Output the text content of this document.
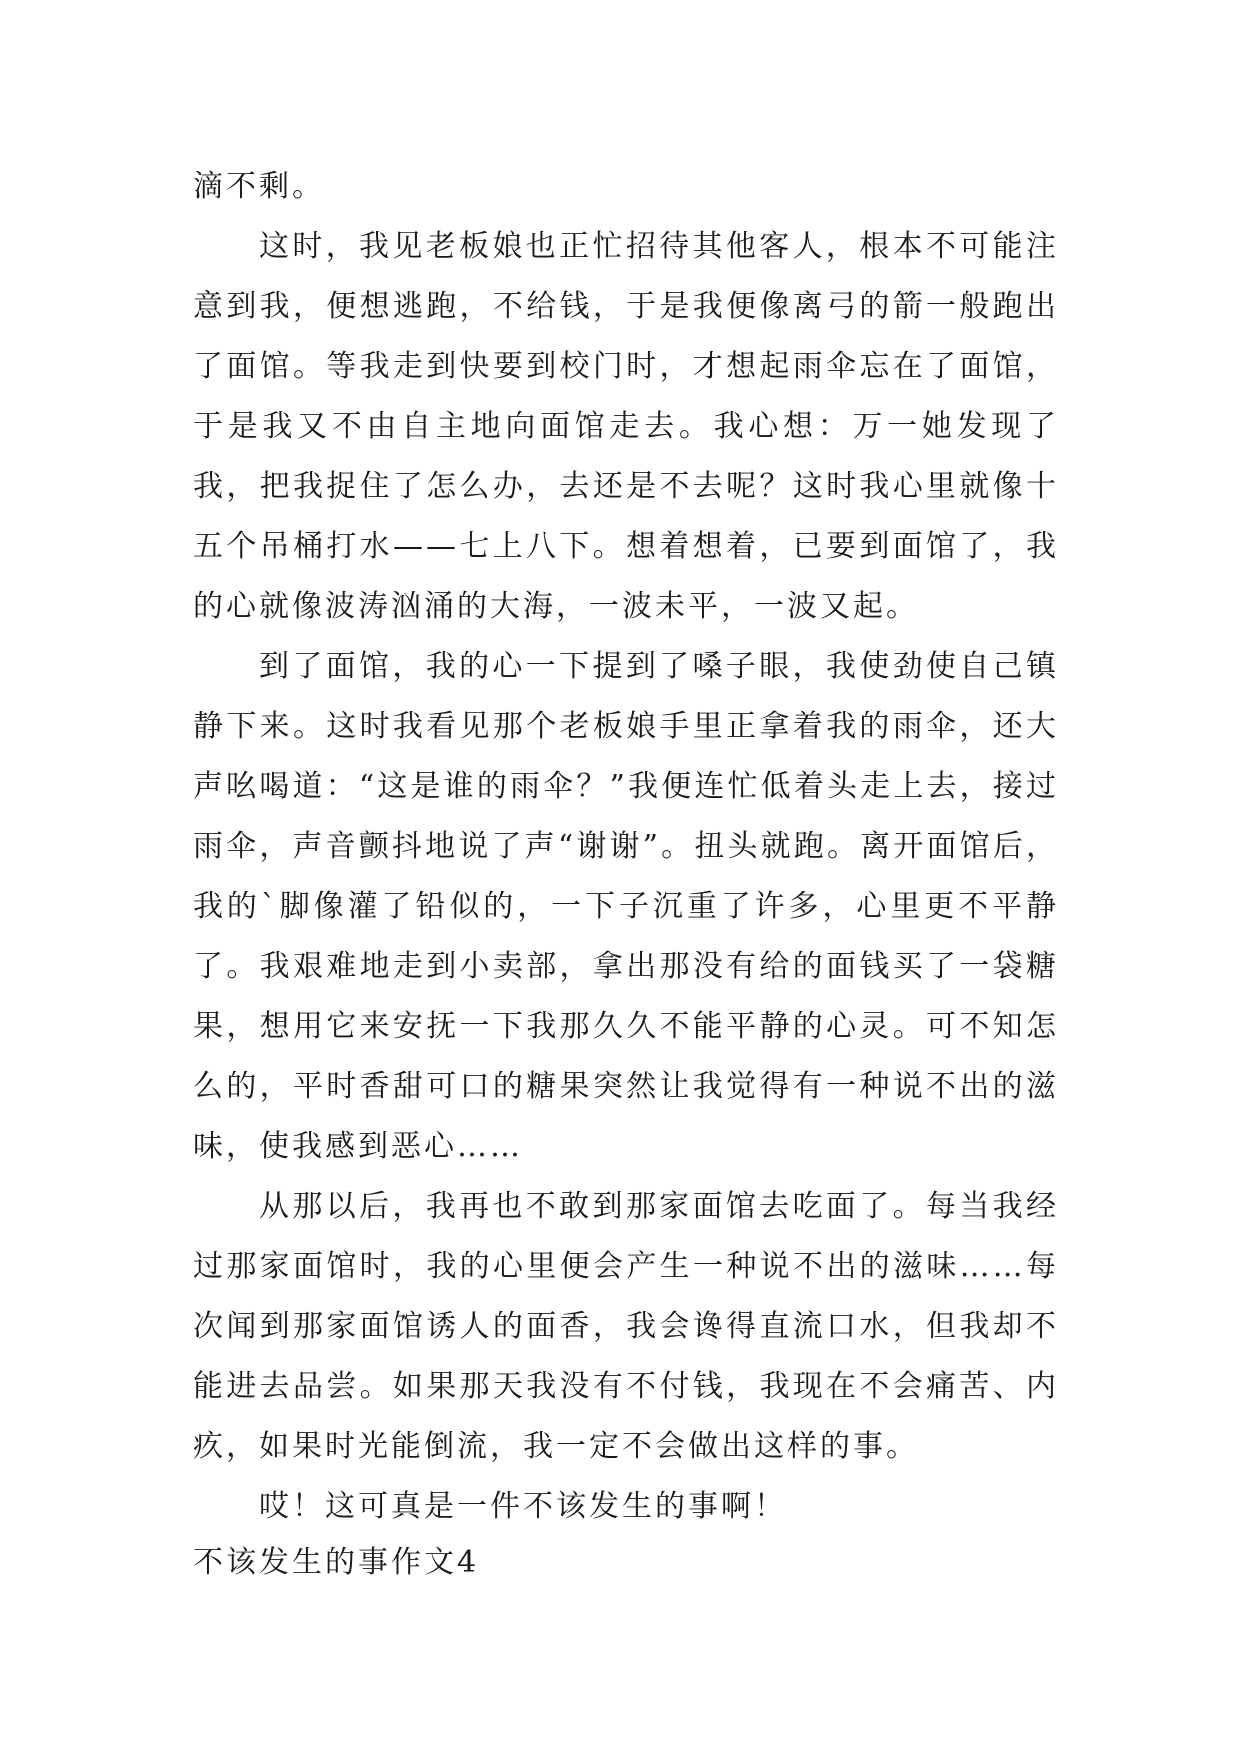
滴不剩。

这时，我见老板娘也正忙招待其他客人，根本不可能注意到我，便想逃跑，不给钱，于是我便像离弓的箭一般跑出了面馆。等我走到快要到校门时，才想起雨伞忘在了面馆，于是我又不由自主地向面馆走去。我心想：万一她发现了我，把我捉住了怎么办，去还是不去呢？这时我心里就像十五个吊桶打水——七上八下。想着想着，已要到面馆了，我的心就像波涛汹涌的大海，一波未平，一波又起。

到了面馆，我的心一下提到了嗓子眼，我使劲使自己镇静下来。这时我看见那个老板娘手里正拿着我的雨伞，还大声吆喝道：“这是谁的雨伞？”我便连忙低着头走上去，接过雨伞，声音颤抖地说了声“谢谢”。扭头就跑。离开面馆后，我的`脚像灌了铅似的，一下子沉重了许多，心里更不平静了。我艰难地走到小卖部，拿出那没有给的面钱买了一袋糖果，想用它来安抚一下我那久久不能平静的心灵。可不知怎么的，平时香甜可口的糖果突然让我觉得有一种说不出的滋味，使我感到恶心……

从那以后，我再也不敢到那家面馆去吃面了。每当我经过那家面馆时，我的心里便会产生一种说不出的滋味……每次闻到那家面馆诱人的面香，我会谗得直流口水，但我却不能进去品尝。如果那天我没有不付钱，我现在不会痛苦、内疚，如果时光能倒流，我一定不会做出这样的事。

哎！这可真是一件不该发生的事啊！

不该发生的事作文4
